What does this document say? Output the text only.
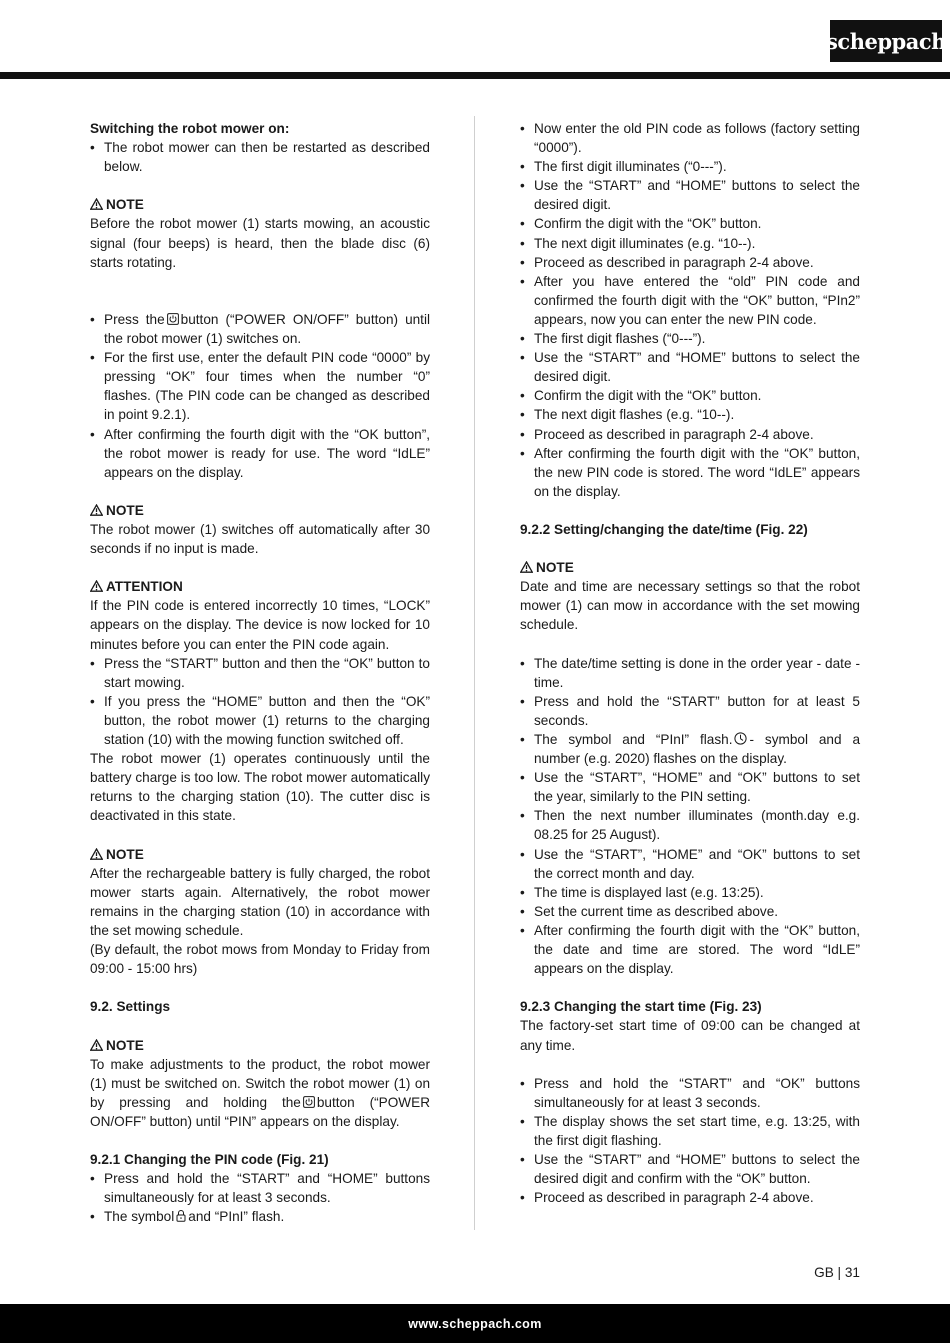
scheppach

Switching the robot mower on:

• The robot mower can then be restarted as described below.

NOTE

Before the robot mower (1) starts mowing, an acoustic signal (four beeps) is heard, then the blade disc (6) starts rotating.

• Press the button (“POWER ON/OFF” button) until the robot mower (1) switches on.

• For the first use, enter the default PIN code “0000” by pressing “OK” four times when the number “0” flashes. (The PIN code can be changed as described in point 9.2.1).

• After confirming the fourth digit with the “OK button”, the robot mower is ready for use. The word “IdLE” appears on the display.

NOTE

The robot mower (1) switches off automatically after 30 seconds if no input is made.

ATTENTION

If the PIN code is entered incorrectly 10 times, “LOCK” appears on the display. The device is now locked for 10 minutes before you can enter the PIN code again.

• Press the “START” button and then the “OK” button to start mowing.

• If you press the “HOME” button and then the “OK” button, the robot mower (1) returns to the charging station (10) with the mowing function switched off.

The robot mower (1) operates continuously until the battery charge is too low. The robot mower automatically returns to the charging station (10). The cutter disc is deactivated in this state.

NOTE

After the rechargeable battery is fully charged, the robot mower starts again. Alternatively, the robot mower remains in the charging station (10) in accordance with the set mowing schedule.

(By default, the robot mows from Monday to Friday from 09:00 - 15:00 hrs)

9.2. Settings

NOTE

To make adjustments to the product, the robot mower (1) must be switched on. Switch the robot mower (1) on by pressing and holding the button (“POWER ON/OFF” button) until “PIN” appears on the display.

9.2.1 Changing the PIN code (Fig. 21)

• Press and hold the “START” and “HOME” buttons simultaneously for at least 3 seconds.

• The symbol and “PInI” flash.

• Now enter the old PIN code as follows (factory setting “0000”).

• The first digit illuminates (“0---”).

• Use the “START” and “HOME” buttons to select the desired digit.

• Confirm the digit with the “OK” button.

• The next digit illuminates (e.g. “10--).

• Proceed as described in paragraph 2-4 above.

• After you have entered the “old” PIN code and confirmed the fourth digit with the “OK” button, “PIn2” appears, now you can enter the new PIN code.

• The first digit flashes (“0---”).

• Use the “START” and “HOME” buttons to select the desired digit.

• Confirm the digit with the “OK” button.

• The next digit flashes (e.g. “10--).

• Proceed as described in paragraph 2-4 above.

• After confirming the fourth digit with the “OK” button, the new PIN code is stored. The word “IdLE” appears on the display.

9.2.2 Setting/changing the date/time (Fig. 22)

NOTE

Date and time are necessary settings so that the robot mower (1) can mow in accordance with the set mowing schedule.

• The date/time setting is done in the order year - date - time.

• Press and hold the “START” button for at least 5 seconds.

• The symbol and “PInI” flash. - symbol and a number (e.g. 2020) flashes on the display.

• Use the “START”, “HOME” and “OK” buttons to set the year, similarly to the PIN setting.

• Then the next number illuminates (month.day e.g. 08.25 for 25 August).

• Use the “START”, “HOME” and “OK” buttons to set the correct month and day.

• The time is displayed last (e.g. 13:25).

• Set the current time as described above.

• After confirming the fourth digit with the “OK” button, the date and time are stored. The word “IdLE” appears on the display.

9.2.3 Changing the start time (Fig. 23)

The factory-set start time of 09:00 can be changed at any time.

• Press and hold the “START” and “OK” buttons simultaneously for at least 3 seconds.

• The display shows the set start time, e.g. 13:25, with the first digit flashing.

• Use the “START” and “HOME” buttons to select the desired digit and confirm with the “OK” button.

• Proceed as described in paragraph 2-4 above.

GB | 31
www.scheppach.com
